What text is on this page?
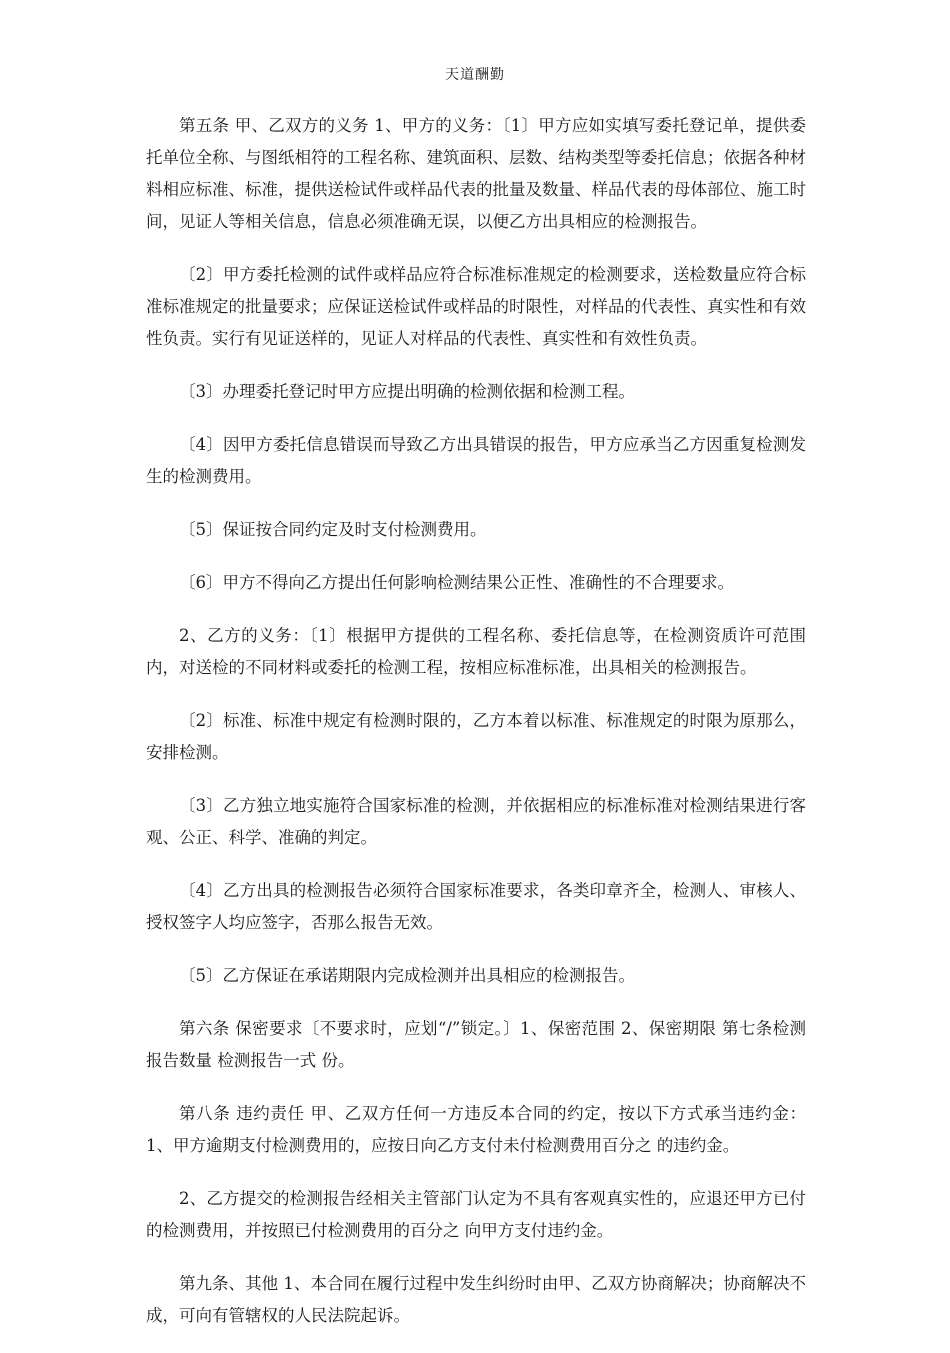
天道酬勤

第五条 甲、乙双方的义务 1、甲方的义务：〔1〕甲方应如实填写委托登记单，提供委托单位全称、与图纸相符的工程名称、建筑面积、层数、结构类型等委托信息；依据各种材料相应标准、标准，提供送检试件或样品代表的批量及数量、样品代表的母体部位、施工时间，见证人等相关信息，信息必须准确无误，以便乙方出具相应的检测报告。

〔2〕甲方委托检测的试件或样品应符合标准标准规定的检测要求，送检数量应符合标准标准规定的批量要求；应保证送检试件或样品的时限性，对样品的代表性、真实性和有效性负责。实行有见证送样的，见证人对样品的代表性、真实性和有效性负责。

〔3〕办理委托登记时甲方应提出明确的检测依据和检测工程。

〔4〕因甲方委托信息错误而导致乙方出具错误的报告，甲方应承当乙方因重复检测发生的检测费用。

〔5〕保证按合同约定及时支付检测费用。

〔6〕甲方不得向乙方提出任何影响检测结果公正性、准确性的不合理要求。

2、乙方的义务：〔1〕根据甲方提供的工程名称、委托信息等，在检测资质许可范围内，对送检的不同材料或委托的检测工程，按相应标准标准，出具相关的检测报告。

〔2〕标准、标准中规定有检测时限的，乙方本着以标准、标准规定的时限为原那么，安排检测。

〔3〕乙方独立地实施符合国家标准的检测，并依据相应的标准标准对检测结果进行客观、公正、科学、准确的判定。

〔4〕乙方出具的检测报告必须符合国家标准要求，各类印章齐全，检测人、审核人、授权签字人均应签字，否那么报告无效。

〔5〕乙方保证在承诺期限内完成检测并出具相应的检测报告。

第六条 保密要求〔不要求时，应划“/”锁定。〕1、保密范围 2、保密期限 第七条检测报告数量 检测报告一式 份。

第八条 违约责任 甲、乙双方任何一方违反本合同的约定，按以下方式承当违约金：1、甲方逾期支付检测费用的，应按日向乙方支付未付检测费用百分之 的违约金。

2、乙方提交的检测报告经相关主管部门认定为不具有客观真实性的，应退还甲方已付的检测费用，并按照已付检测费用的百分之 向甲方支付违约金。

第九条、其他 1、本合同在履行过程中发生纠纷时由甲、乙双方协商解决；协商解决不成，可向有管辖权的人民法院起诉。
